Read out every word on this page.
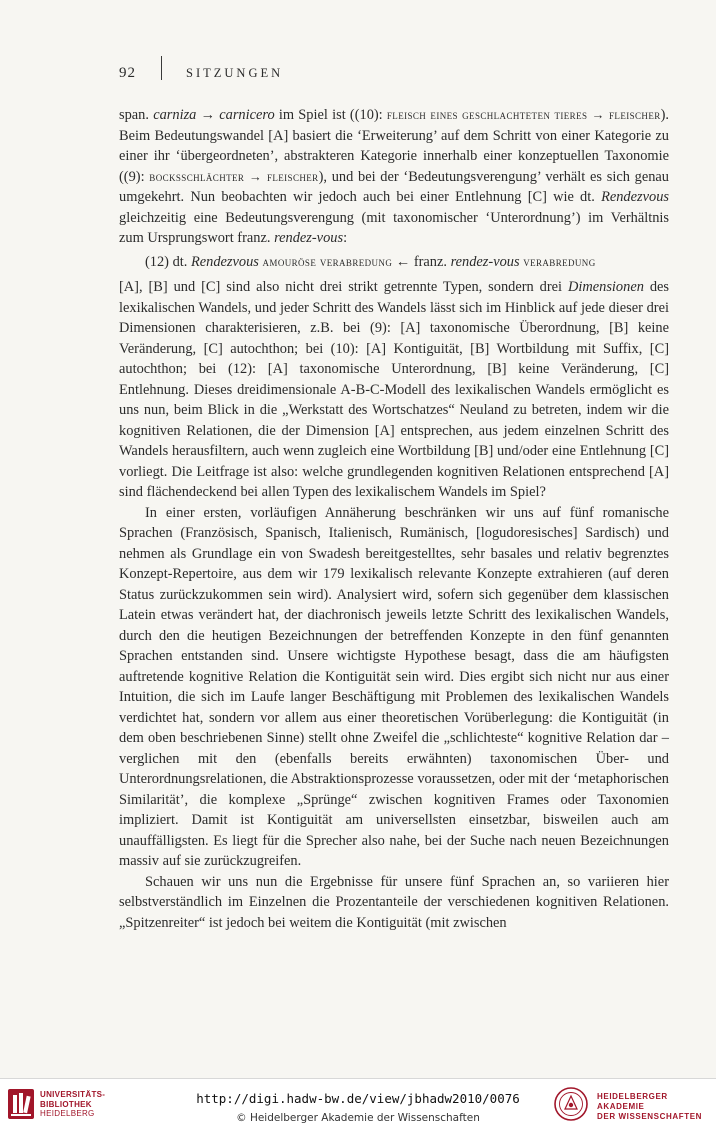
92	SITZUNGEN

span. carniza → carnicero im Spiel ist ((10): fleisch eines geschlachteten tieres → fleischer). Beim Bedeutungswandel [A] basiert die ‘Erweiterung’ auf dem Schritt von einer Kategorie zu einer ihr ‘übergeordneten’, abstrakteren Kategorie innerhalb einer konzeptuellen Taxonomie ((9): bocksschlächter → fleischer), und bei der ‘Bedeutungsverengung’ verhält es sich genau umgekehrt. Nun beobachten wir jedoch auch bei einer Entlehnung [C] wie dt. Rendezvous gleichzeitig eine Bedeutungsverengung (mit taxonomischer ‘Unterordnung’) im Verhältnis zum Ursprungswort franz. rendez-vous:

(12) dt. Rendezvous amouröse verabredung ← franz. rendez-vous verabredung

[A], [B] und [C] sind also nicht drei strikt getrennte Typen, sondern drei Dimensionen des lexikalischen Wandels, und jeder Schritt des Wandels lässt sich im Hinblick auf jede dieser drei Dimensionen charakterisieren, z.B. bei (9): [A] taxonomische Überordnung, [B] keine Veränderung, [C] autochthon; bei (10): [A] Kontiguität, [B] Wortbildung mit Suffix, [C] autochthon; bei (12): [A] taxonomische Unterordnung, [B] keine Veränderung, [C] Entlehnung. Dieses dreidimensionale A-B-C-Modell des lexikalischen Wandels ermöglicht es uns nun, beim Blick in die „Werkstatt des Wortschatzes“ Neuland zu betreten, indem wir die kognitiven Relationen, die der Dimension [A] entsprechen, aus jedem einzelnen Schritt des Wandels herausfiltern, auch wenn zugleich eine Wortbildung [B] und/oder eine Entlehnung [C] vorliegt. Die Leitfrage ist also: welche grundlegenden kognitiven Relationen entsprechend [A] sind flächendeckend bei allen Typen des lexikalischem Wandels im Spiel?

In einer ersten, vorläufigen Annäherung beschränken wir uns auf fünf romanische Sprachen (Französisch, Spanisch, Italienisch, Rumänisch, [logudoresisches] Sardisch) und nehmen als Grundlage ein von Swadesh bereitgestelltes, sehr basales und relativ begrenztes Konzept-Repertoire, aus dem wir 179 lexikalisch relevante Konzepte extrahieren (auf deren Status zurückzukommen sein wird). Analysiert wird, sofern sich gegenüber dem klassischen Latein etwas verändert hat, der diachronisch jeweils letzte Schritt des lexikalischen Wandels, durch den die heutigen Bezeichnungen der betreffenden Konzepte in den fünf genannten Sprachen entstanden sind. Unsere wichtigste Hypothese besagt, dass die am häufigsten auftretende kognitive Relation die Kontiguität sein wird. Dies ergibt sich nicht nur aus einer Intuition, die sich im Laufe langer Beschäftigung mit Problemen des lexikalischen Wandels verdichtet hat, sondern vor allem aus einer theoretischen Vorüberlegung: die Kontiguität (in dem oben beschriebenen Sinne) stellt ohne Zweifel die „schlichteste“ kognitive Relation dar – verglichen mit den (ebenfalls bereits erwähnten) taxonomischen Über- und Unterordnungsrelationen, die Abstraktionsprozesse voraussetzen, oder mit der ‘metaphorischen Similarität’, die komplexe „Sprünge“ zwischen kognitiven Frames oder Taxonomien impliziert. Damit ist Kontiguität am universellsten einsetzbar, bisweilen auch am unauffälligsten. Es liegt für die Sprecher also nahe, bei der Suche nach neuen Bezeichnungen massiv auf sie zurückzugreifen.

Schauen wir uns nun die Ergebnisse für unsere fünf Sprachen an, so variieren hier selbstverständlich im Einzelnen die Prozentanteile der verschiedenen kognitiven Relationen. „Spitzenreiter“ ist jedoch bei weitem die Kontiguität (mit zwischen

UNIVERSITÄTS-
BIBLIOTHEK
HEIDELBERG
http://digi.hadw-bw.de/view/jbhadw2010/0076
© Heidelberger Akademie der Wissenschaften
HEIDELBERGER AKADEMIE
DER WISSENSCHAFTEN
